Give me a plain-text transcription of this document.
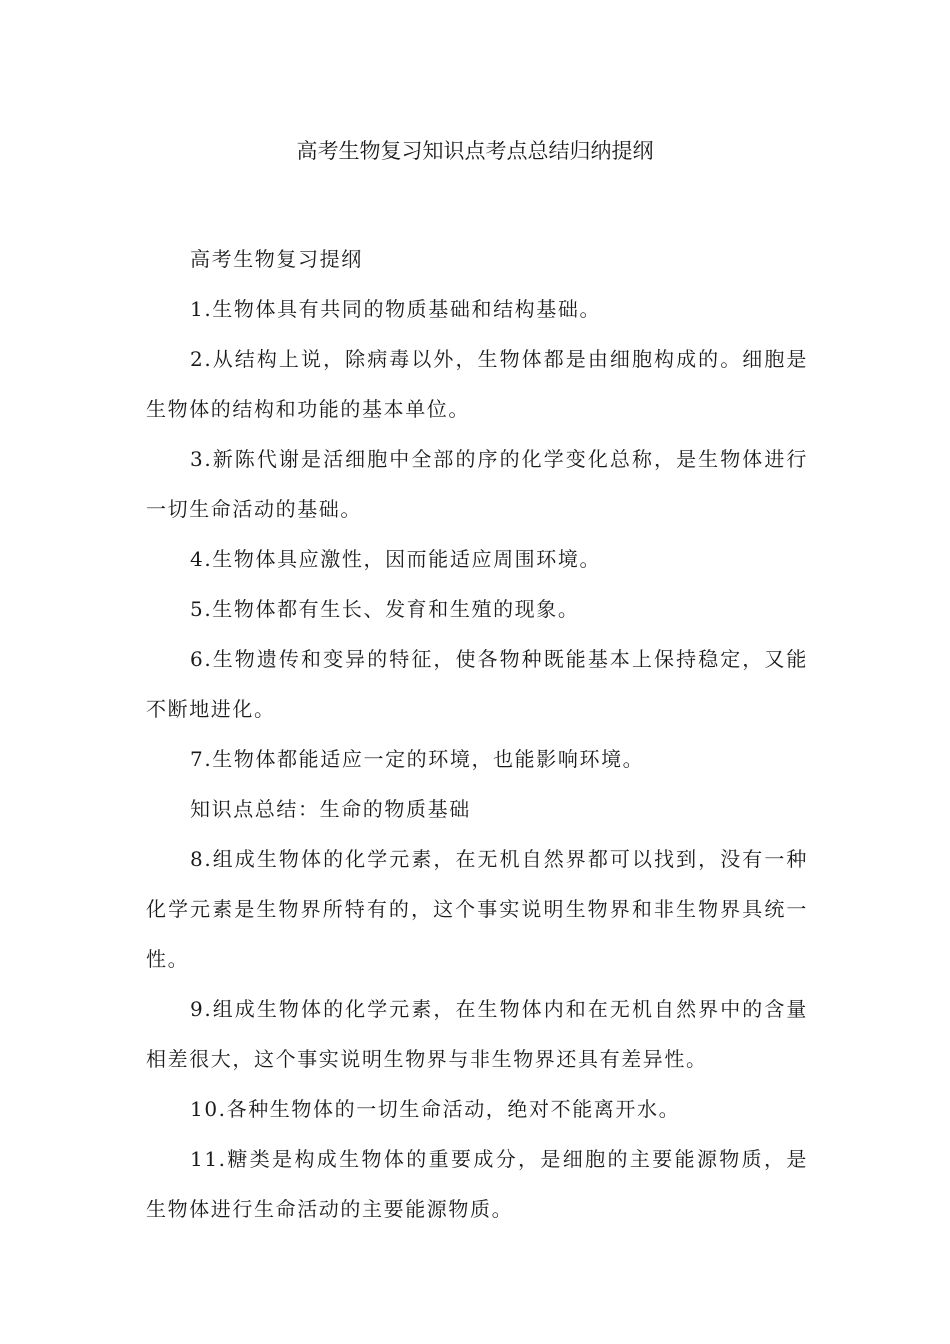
高考生物复习知识点考点总结归纳提纲

高考生物复习提纲

1.生物体具有共同的物质基础和结构基础。

2.从结构上说，除病毒以外，生物体都是由细胞构成的。细胞是生物体的结构和功能的基本单位。

3.新陈代谢是活细胞中全部的序的化学变化总称，是生物体进行一切生命活动的基础。

4.生物体具应激性，因而能适应周围环境。

5.生物体都有生长、发育和生殖的现象。

6.生物遗传和变异的特征，使各物种既能基本上保持稳定，又能不断地进化。

7.生物体都能适应一定的环境，也能影响环境。

知识点总结：生命的物质基础

8.组成生物体的化学元素，在无机自然界都可以找到，没有一种化学元素是生物界所特有的，这个事实说明生物界和非生物界具统一性。

9.组成生物体的化学元素，在生物体内和在无机自然界中的含量相差很大，这个事实说明生物界与非生物界还具有差异性。

10.各种生物体的一切生命活动，绝对不能离开水。

11.糖类是构成生物体的重要成分，是细胞的主要能源物质，是生物体进行生命活动的主要能源物质。
